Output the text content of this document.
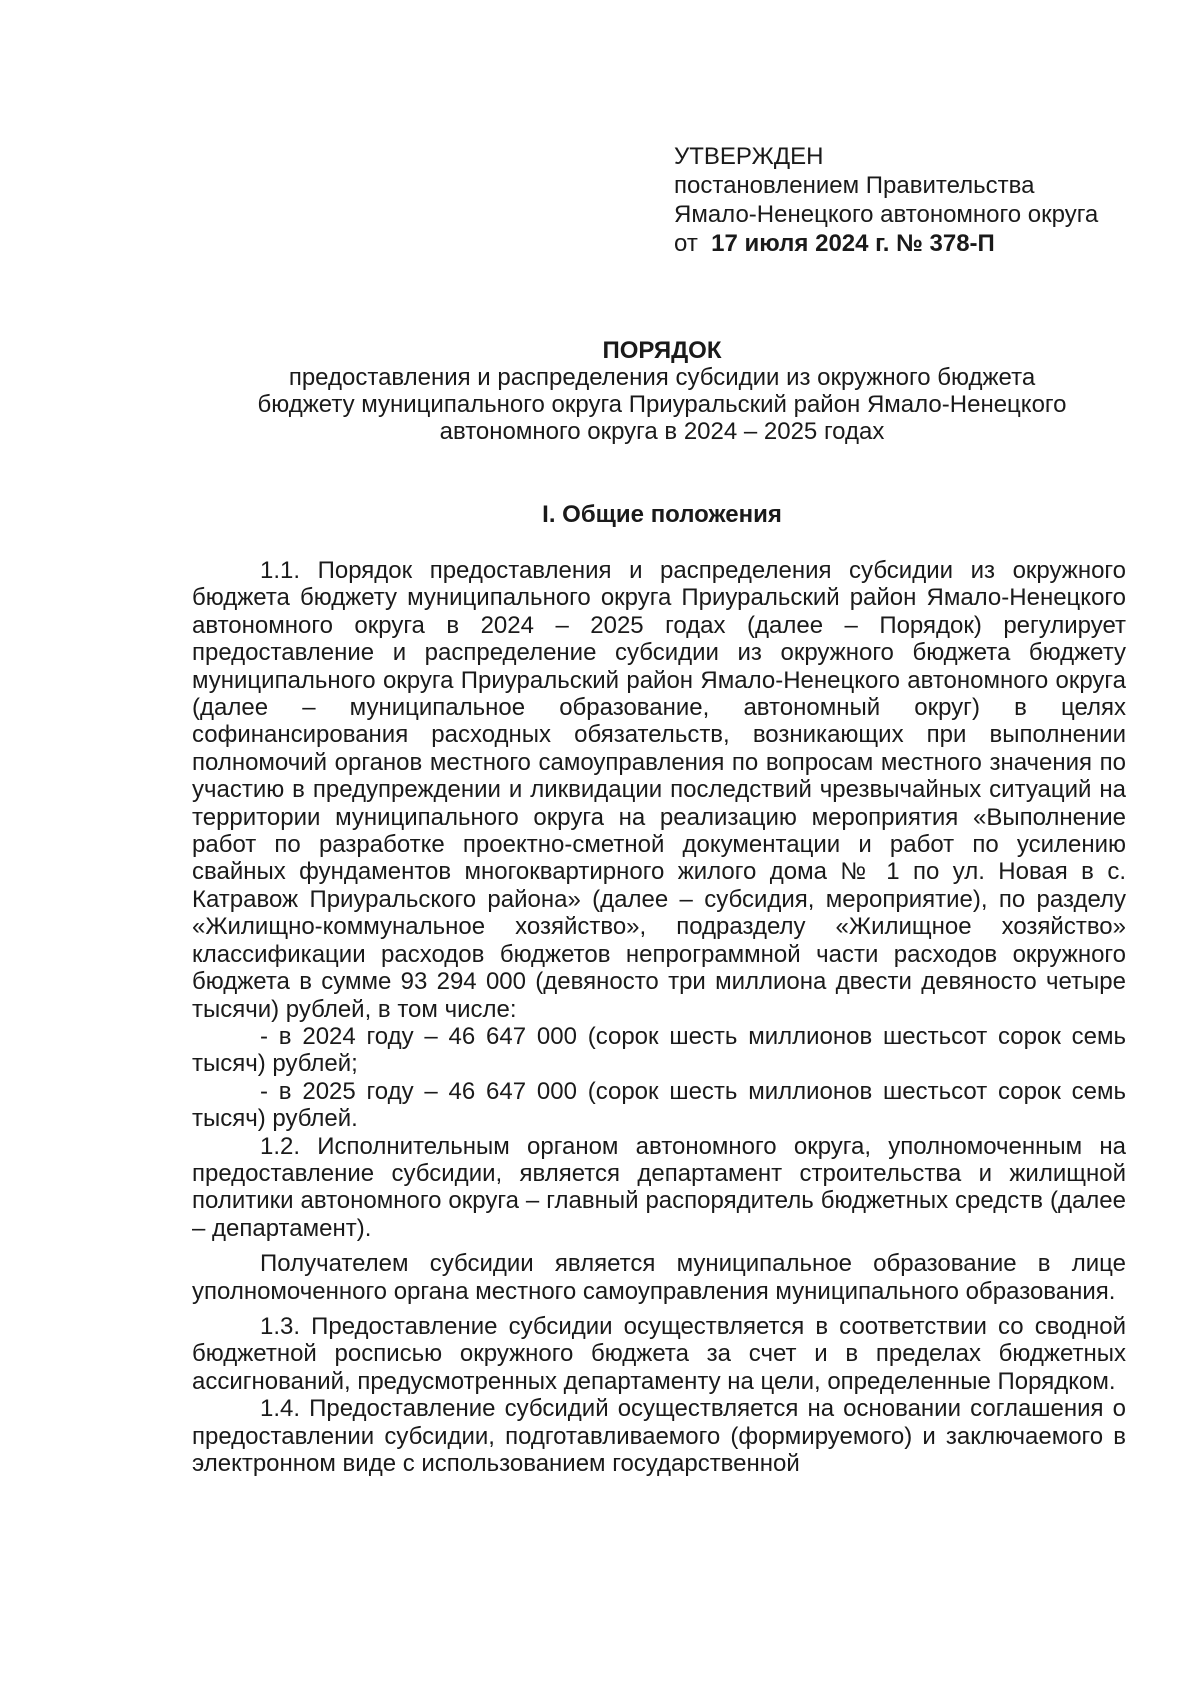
УТВЕРЖДЕН

постановлением Правительства

Ямало-Ненецкого автономного округа

от 17 июля 2024 г. № 378-П

ПОРЯДОК

предоставления и распределения субсидии из окружного бюджета
бюджету муниципального округа Приуральский район Ямало-Ненецкого
автономного округа в 2024 – 2025 годах

I. Общие положения

1.1. Порядок предоставления и распределения субсидии из окружного бюджета бюджету муниципального округа Приуральский район Ямало-Ненецкого автономного округа в 2024 – 2025 годах (далее – Порядок) регулирует предоставление и распределение субсидии из окружного бюджета бюджету муниципального округа Приуральский район Ямало-Ненецкого автономного округа (далее – муниципальное образование, автономный округ) в целях софинансирования расходных обязательств, возникающих при выполнении полномочий органов местного самоуправления по вопросам местного значения по участию в предупреждении и ликвидации последствий чрезвычайных ситуаций на территории муниципального округа на реализацию мероприятия «Выполнение работ по разработке проектно-сметной документации и работ по усилению свайных фундаментов многоквартирного жилого дома № 1 по ул. Новая в с. Катравож Приуральского района» (далее – субсидия, мероприятие), по разделу «Жилищно-коммунальное хозяйство», подразделу «Жилищное хозяйство» классификации расходов бюджетов непрограммной части расходов окружного бюджета в сумме 93 294 000 (девяносто три миллиона двести девяносто четыре тысячи) рублей, в том числе:

- в 2024 году – 46 647 000 (сорок шесть миллионов шестьсот сорок семь тысяч) рублей;

- в 2025 году – 46 647 000 (сорок шесть миллионов шестьсот сорок семь тысяч) рублей.

1.2. Исполнительным органом автономного округа, уполномоченным на предоставление субсидии, является департамент строительства и жилищной политики автономного округа – главный распорядитель бюджетных средств (далее – департамент).

Получателем субсидии является муниципальное образование в лице уполномоченного органа местного самоуправления муниципального образования.

1.3. Предоставление субсидии осуществляется в соответствии со сводной бюджетной росписью окружного бюджета за счет и в пределах бюджетных ассигнований, предусмотренных департаменту на цели, определенные Порядком.

1.4. Предоставление субсидий осуществляется на основании соглашения о предоставлении субсидии, подготавливаемого (формируемого) и заключаемого в электронном виде с использованием государственной
